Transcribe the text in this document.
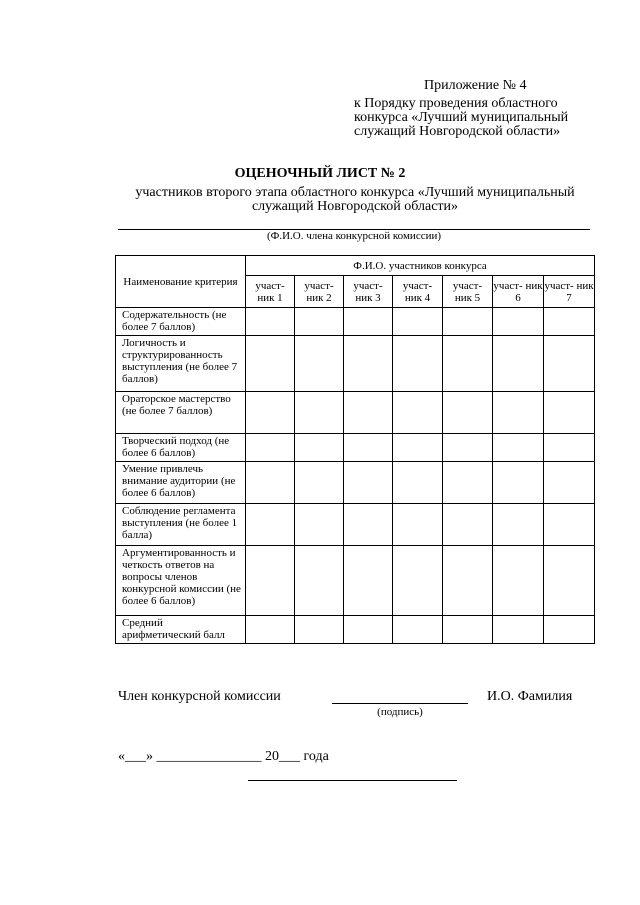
Приложение № 4
к Порядку проведения областного конкурса «Лучший муниципальный служащий Новгородской области»
ОЦЕНОЧНЫЙ ЛИСТ № 2
участников второго этапа областного конкурса «Лучший муниципальный служащий Новгородской области»
(Ф.И.О. члена конкурсной комиссии)
Наименование критерия	Ф.И.О. участников конкурса						
	участ- ник 1	участ- ник 2	участ- ник 3	участ- ник 4	участ- ник 5	участ- ник 6	участ- ник 7
Содержательность (не более 7 баллов)							
Логичность и структурированность выступления (не более 7 баллов)							
Ораторское мастерство (не более 7 баллов)							
Творческий подход (не более 6 баллов)							
Умение привлечь внимание аудитории (не более 6 баллов)							
Соблюдение регламента выступления (не более 1 балла)							
Аргументированность и четкость ответов на вопросы членов конкурсной комиссии (не более 6 баллов)							
Средний арифметический балл							
Член конкурсной комиссии
(подпись)
И.О. Фамилия
«___» _______________ 20___ года
